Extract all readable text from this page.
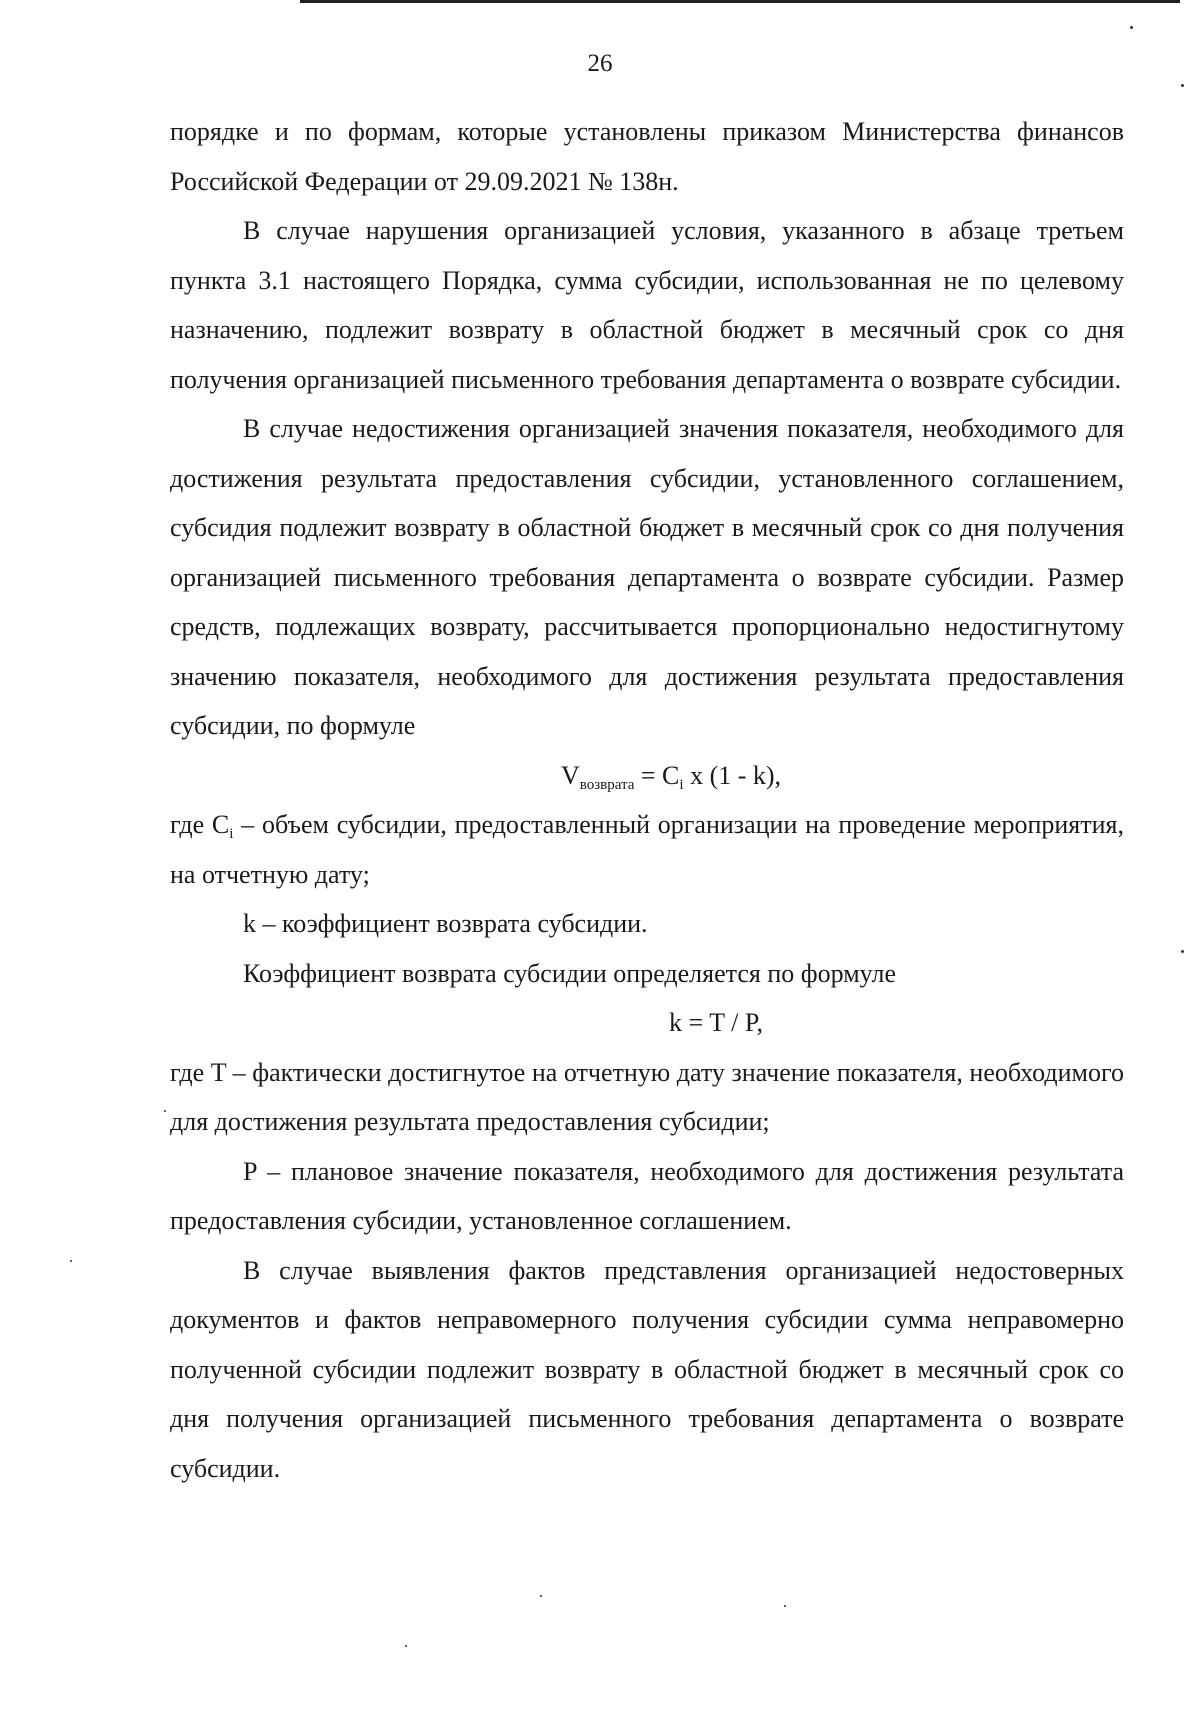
26

порядке и по формам, которые установлены приказом Министерства финансов Российской Федерации от 29.09.2021 № 138н.

В случае нарушения организацией условия, указанного в абзаце третьем пункта 3.1 настоящего Порядка, сумма субсидии, использованная не по целевому назначению, подлежит возврату в областной бюджет в месячный срок со дня получения организацией письменного требования департамента о возврате субсидии.

В случае недостижения организацией значения показателя, необходимого для достижения результата предоставления субсидии, установленного соглашением, субсидия подлежит возврату в областной бюджет в месячный срок со дня получения организацией письменного требования департамента о возврате субсидии. Размер средств, подлежащих возврату, рассчитывается пропорционально недостигнутому значению показателя, необходимого для достижения результата предоставления субсидии, по формуле

$V_{возврата} = C_i$ x (1 - k),

где $C_i$ – объем субсидии, предоставленный организации на проведение мероприятия, на отчетную дату;

k – коэффициент возврата субсидии.

Коэффициент возврата субсидии определяется по формуле

k = T / P,

где T – фактически достигнутое на отчетную дату значение показателя, необходимого для достижения результата предоставления субсидии;

P – плановое значение показателя, необходимого для достижения результата предоставления субсидии, установленное соглашением.

В случае выявления фактов представления организацией недостоверных документов и фактов неправомерного получения субсидии сумма неправомерно полученной субсидии подлежит возврату в областной бюджет в месячный срок со дня получения организацией письменного требования департамента о возврате субсидии.
